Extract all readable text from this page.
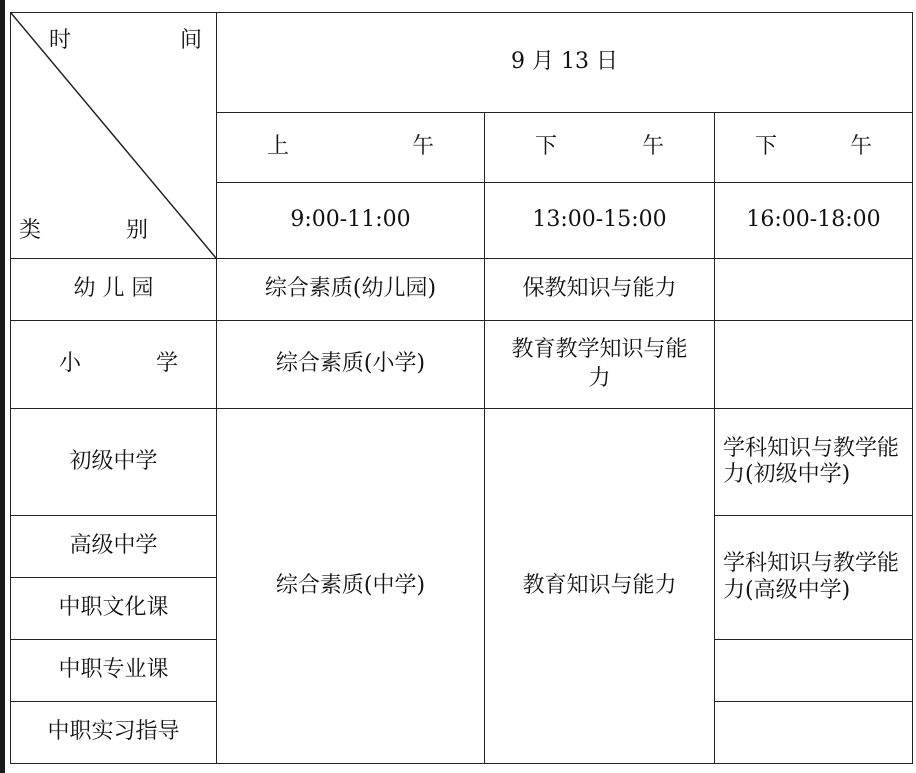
时 间
类 别	9 月 13 日		

	上 午	下 午	下 午

	9:00-11:00	13:00-15:00	16:00-18:00
幼 儿 园	综合素质(幼儿园)	保教知识与能力	

小 学	综合素质(小学)	教育教学知识与能力	
初级中学	综合素质(中学)	教育知识与能力	学科知识与教学能力(初级中学)
高级中学			学科知识与教学能力(高级中学)
中职文化课			
中职专业课			
中职实习指导			
